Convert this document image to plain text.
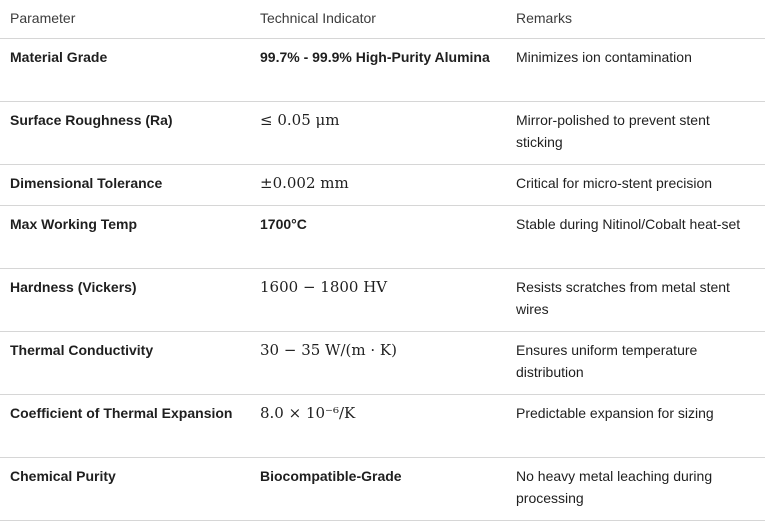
Parameter	Technical Indicator	Remarks
Material Grade	99.7% - 99.9% High-Purity Alumina	Minimizes ion contamination
Surface Roughness (Ra)	≤ 0.05 μm	Mirror-polished to prevent stent sticking
Dimensional Tolerance	±0.002 mm	Critical for micro-stent precision
Max Working Temp	1700°C	Stable during Nitinol/Cobalt heat-set
Hardness (Vickers)	1600 − 1800 HV	Resists scratches from metal stent wires
Thermal Conductivity	30 − 35 W/(m · K)	Ensures uniform temperature distribution
Coefficient of Thermal Expansion	8.0 × 10⁻⁶/K	Predictable expansion for sizing
Chemical Purity	Biocompatible-Grade	No heavy metal leaching during processing
